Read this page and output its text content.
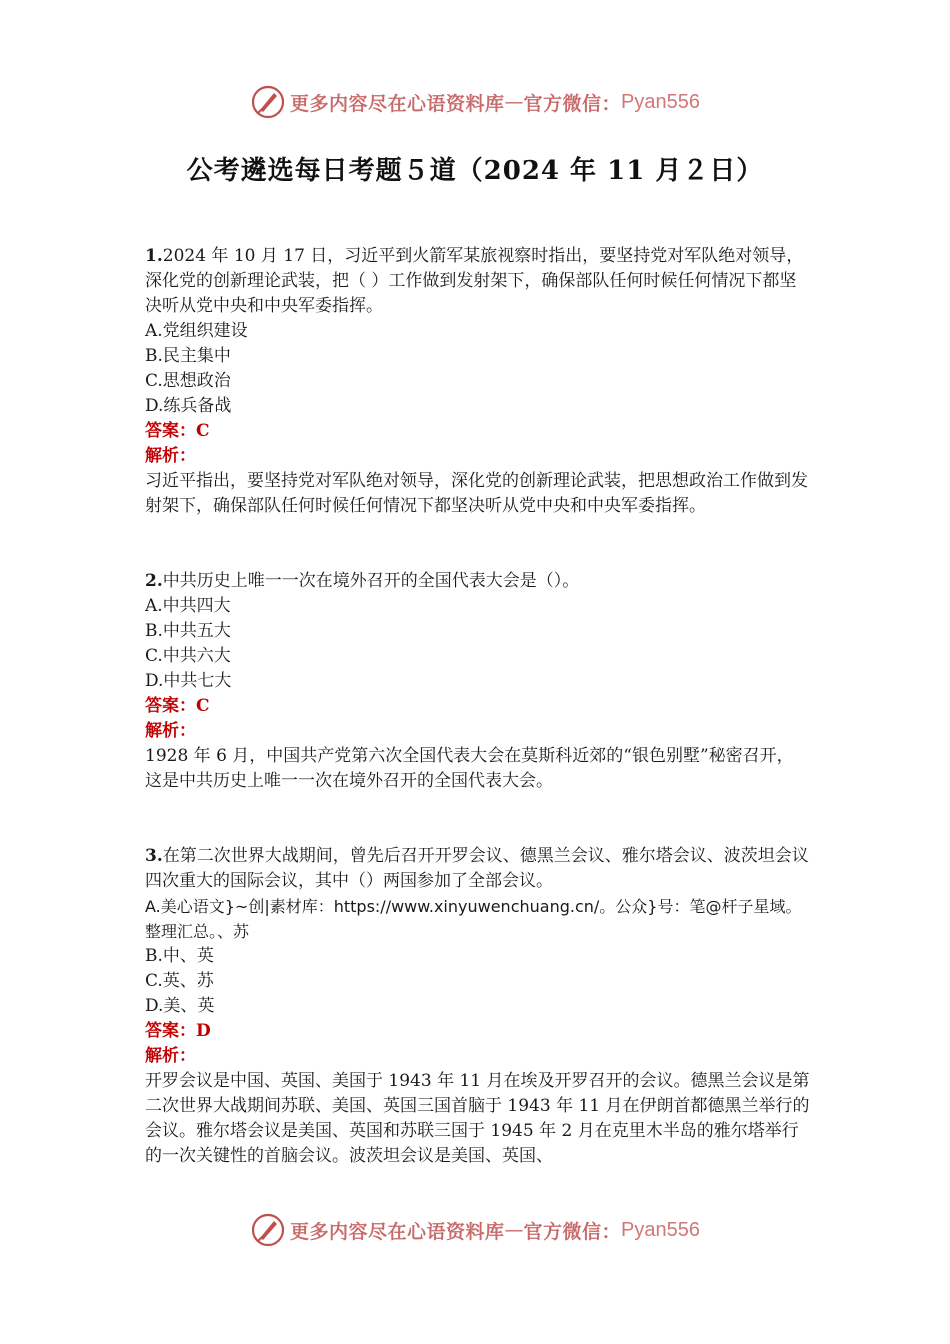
更多内容尽在心语资料库 — 官方微信： Pyan556
公考遴选每日考题５道（2024 年 11 月２日）

1.2024 年 10 月 17 日，习近平到火箭军某旅视察时指出，要坚持党对军队绝对领导，深化党的创新理论武装，把（ ）工作做到发射架下，确保部队任何时候任何情况下都坚决听从党中央和中央军委指挥。

A.党组织建设

B.民主集中

C.思想政治

D.练兵备战

答案：C

解析：

习近平指出，要坚持党对军队绝对领导，深化党的创新理论武装，把思想政治工作做到发射架下，确保部队任何时候任何情况下都坚决听从党中央和中央军委指挥。

2.中共历史上唯一一次在境外召开的全国代表大会是（）。

A.中共四大

B.中共五大

C.中共六大

D.中共七大

答案：C

解析：

1928 年 6 月，中国共产党第六次全国代表大会在莫斯科近郊的“银色别墅”秘密召开，这是中共历史上唯一一次在境外召开的全国代表大会。

3.在第二次世界大战期间，曾先后召开开罗会议、德黑兰会议、雅尔塔会议、波茨坦会议四次重大的国际会议，其中（）两国参加了全部会议。

A.美心语文}~创|素材库：https://www.xinyuwenchuang.cn/。公众}号：笔@杆子星域。整理汇总。、苏

B.中、英

C.英、苏

D.美、英

答案：D

解析：

开罗会议是中国、英国、美国于 1943 年 11 月在埃及开罗召开的会议。德黑兰会议是第二次世界大战期间苏联、美国、英国三国首脑于 1943 年 11 月在伊朗首都德黑兰举行的会议。雅尔塔会议是美国、英国和苏联三国于 1945 年 2 月在克里木半岛的雅尔塔举行的一次关键性的首脑会议。波茨坦会议是美国、英国、

更多内容尽在心语资料库 — 官方微信： Pyan556
